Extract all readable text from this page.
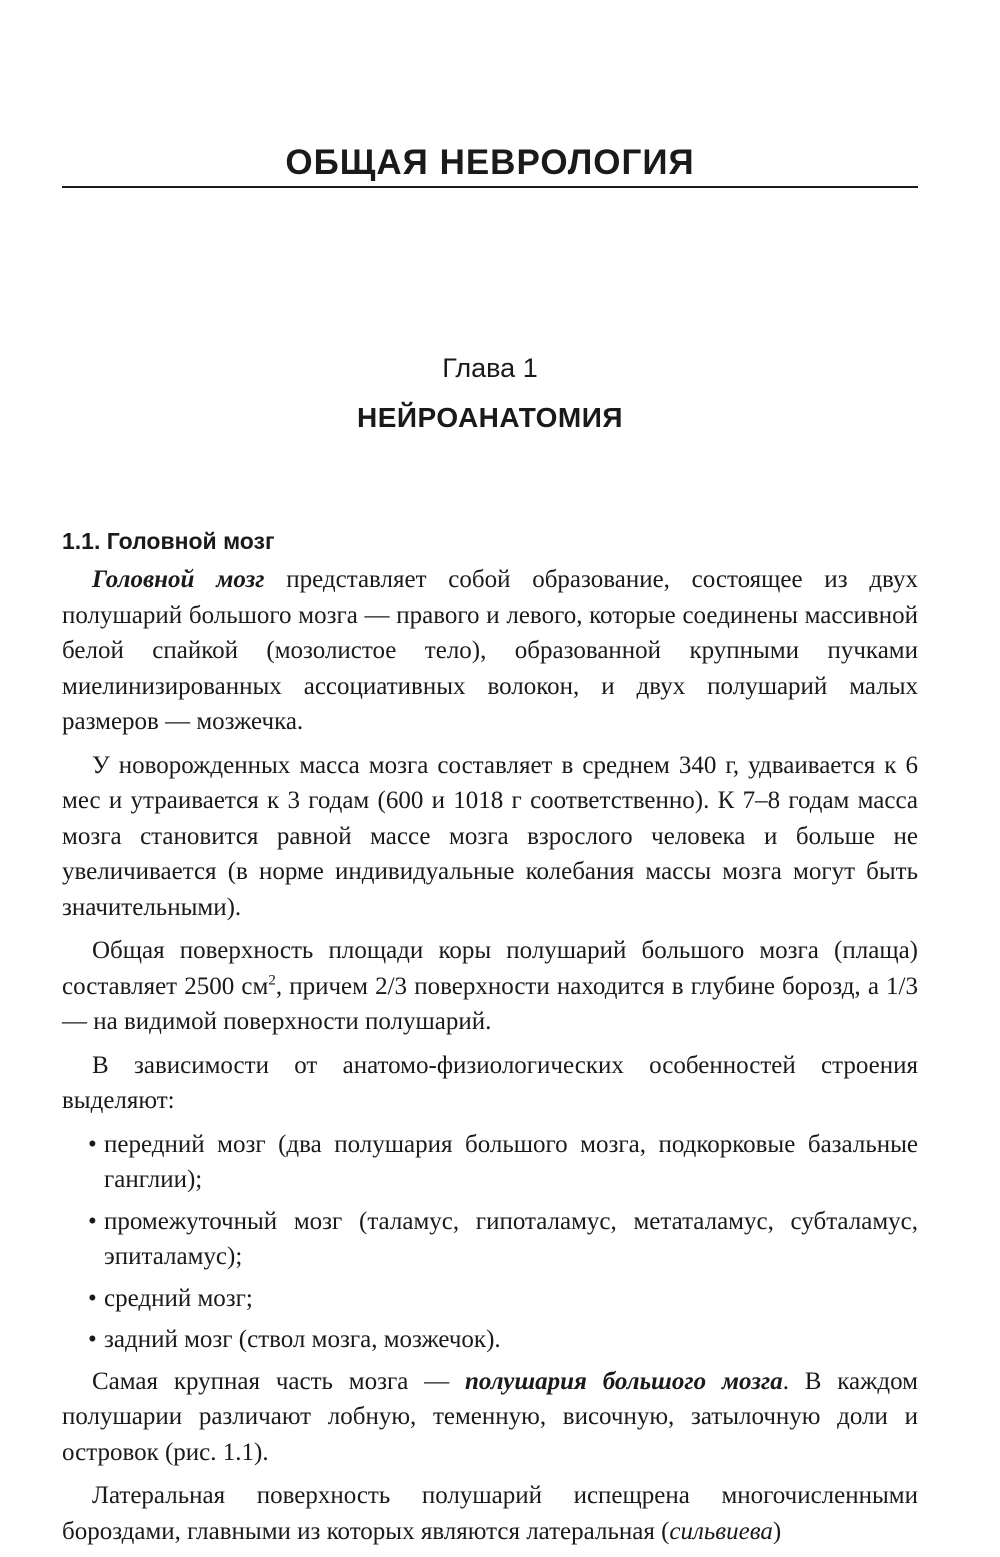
ОБЩАЯ НЕВРОЛОГИЯ
Глава 1
НЕЙРОАНАТОМИЯ
1.1. Головной мозг

Головной мозг представляет собой образование, состоящее из двух полушарий большого мозга — правого и левого, которые соединены массивной белой спайкой (мозолистое тело), образованной крупными пучками миелинизированных ассоциативных волокон, и двух полушарий малых размеров — мозжечка.

У новорожденных масса мозга составляет в среднем 340 г, удваивается к 6 мес и утраивается к 3 годам (600 и 1018 г соответственно). К 7–8 годам масса мозга становится равной массе мозга взрослого человека и больше не увеличивается (в норме индивидуальные колебания массы мозга могут быть значительными).

Общая поверхность площади коры полушарий большого мозга (плаща) составляет 2500 $см^2$, причем 2/3 поверхности находится в глубине борозд, а 1/3 — на видимой поверхности полушарий.

В зависимости от анатомо-физиологических особенностей строения выделяют:

• передний мозг (два полушария большого мозга, подкорковые базальные ганглии);
• промежуточный мозг (таламус, гипоталамус, метаталамус, субталамус, эпиталамус);
• средний мозг;
• задний мозг (ствол мозга, мозжечок).

Самая крупная часть мозга — полушария большого мозга. В каждом полушарии различают лобную, теменную, височную, затылочную доли и островок (рис. 1.1).

Латеральная поверхность полушарий испещрена многочисленными бороздами, главными из которых являются латеральная (сильвиева)
